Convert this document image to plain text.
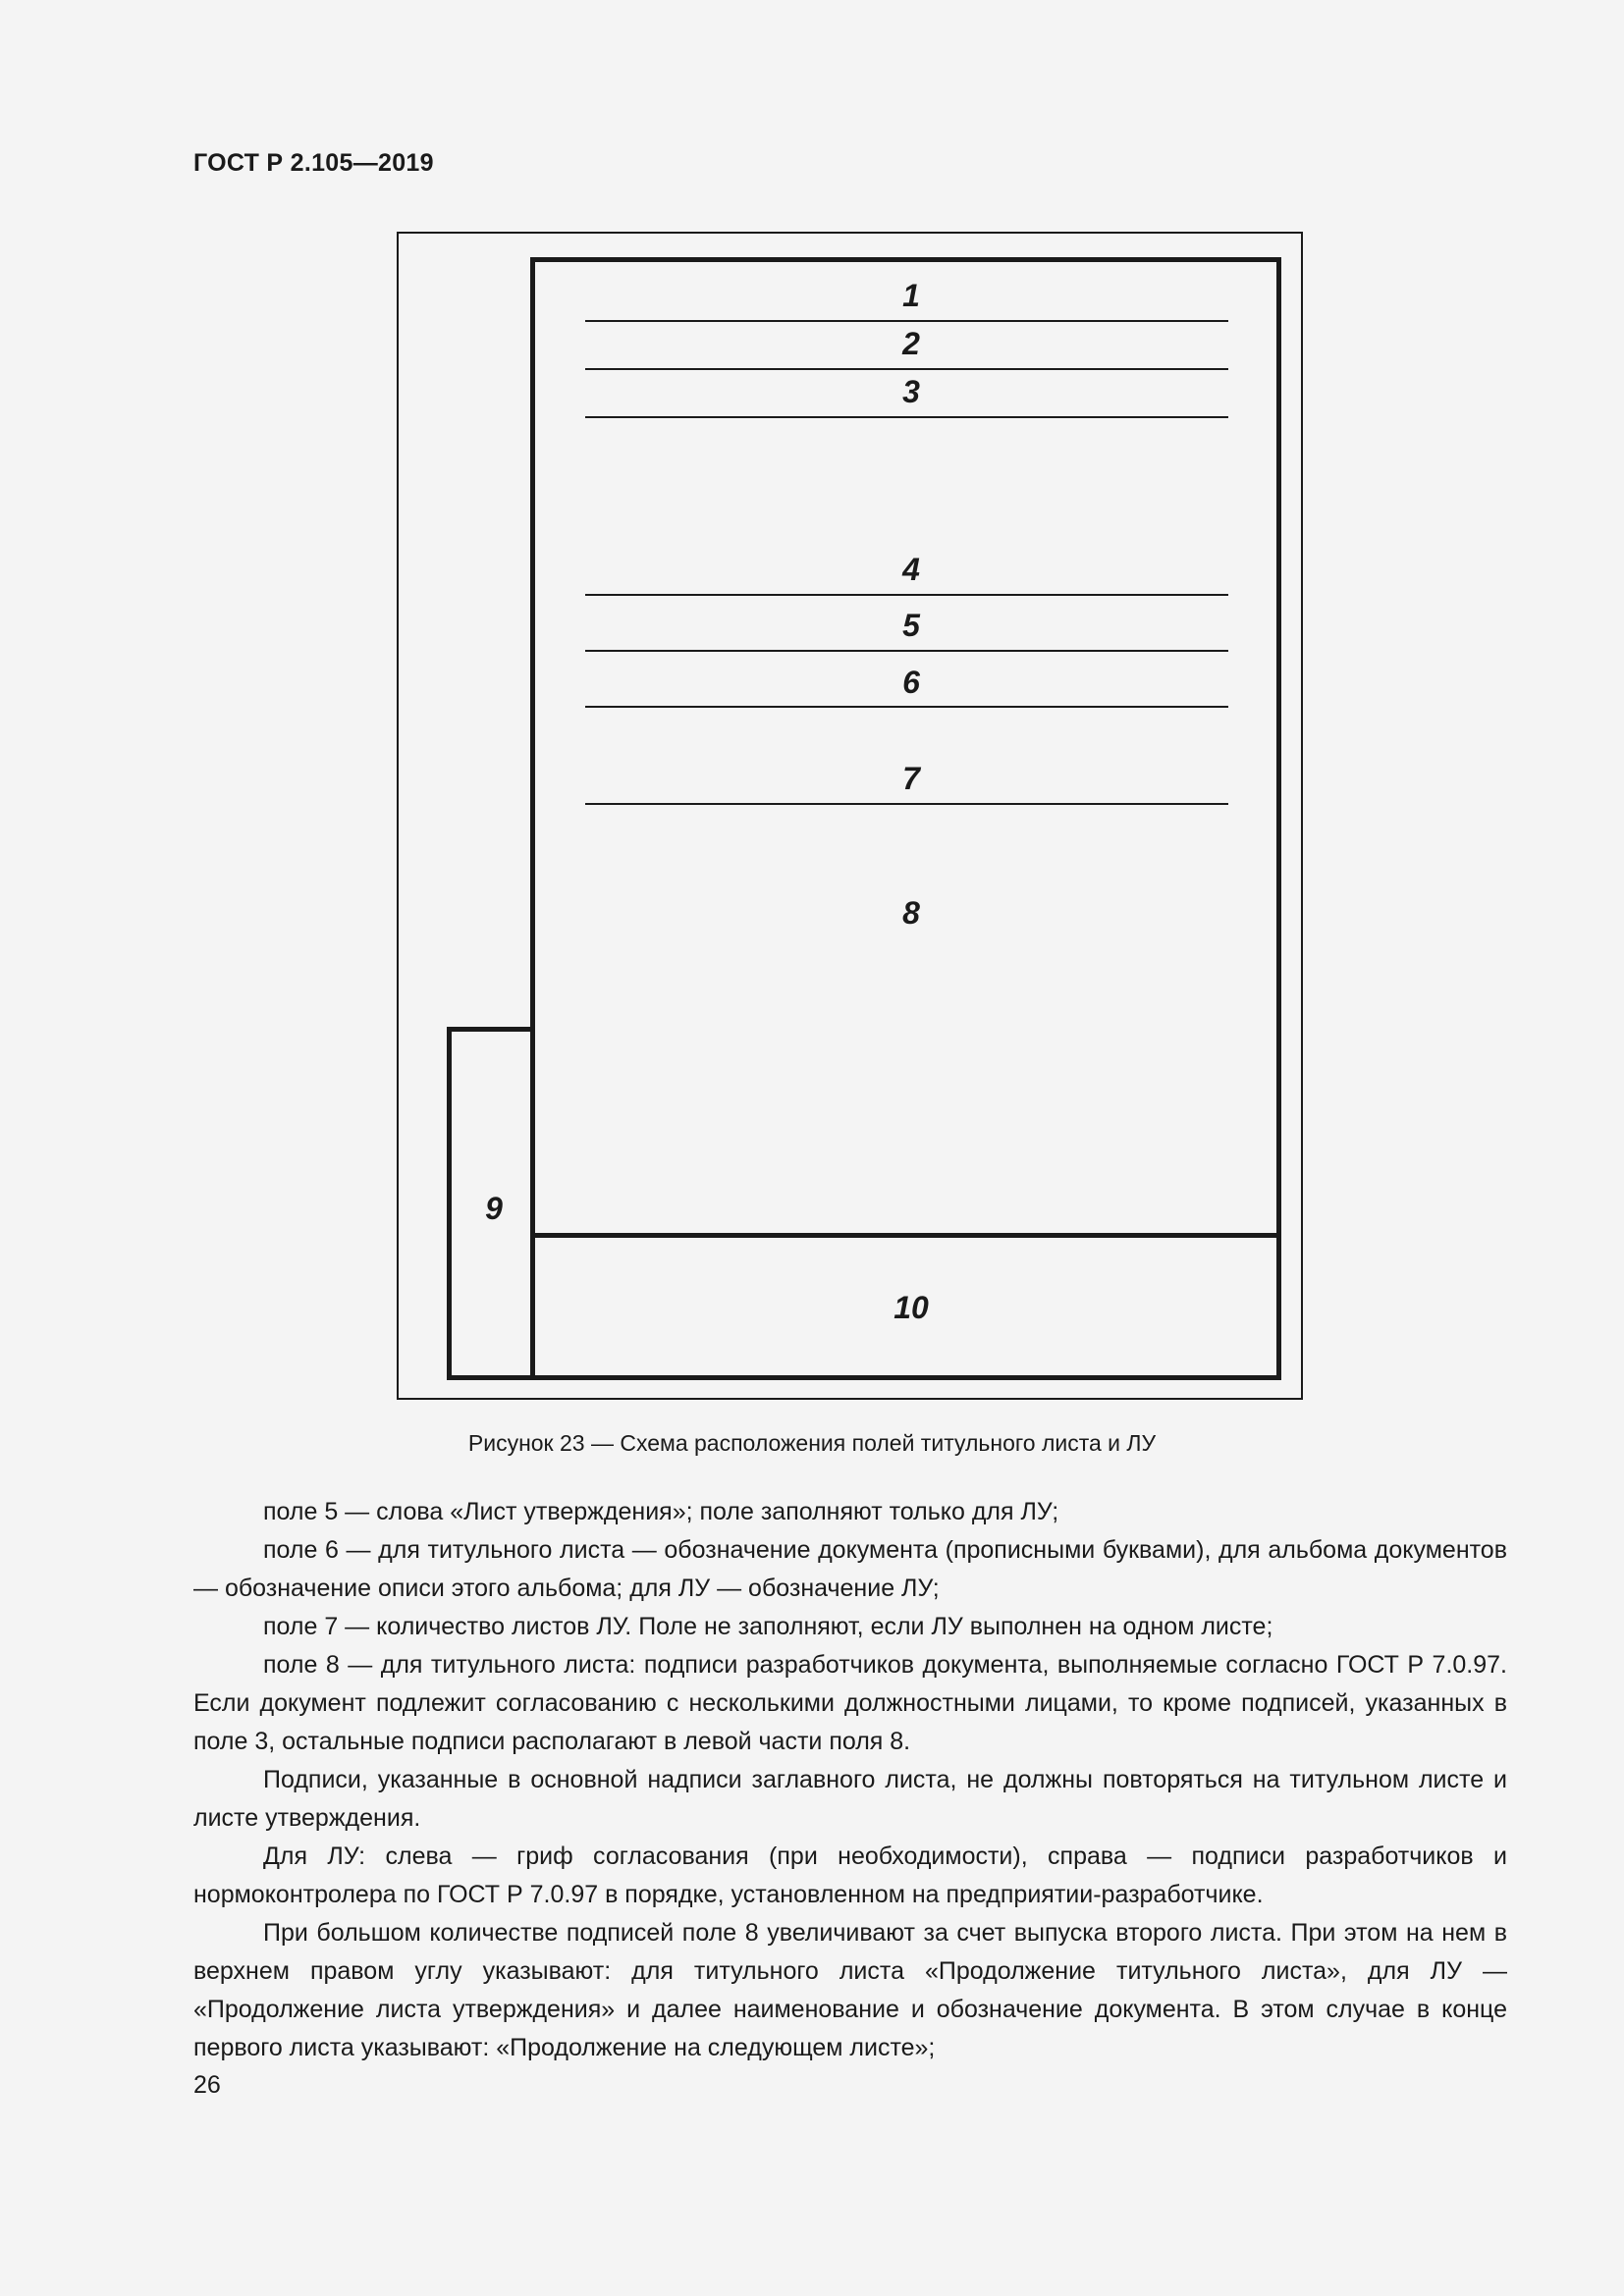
ГОСТ Р 2.105—2019
1
2
3
4
5
6
7
8
10
9
Рисунок 23 — Схема расположения полей титульного листа и ЛУ

поле 5 — слова «Лист утверждения»; поле заполняют только для ЛУ;

поле 6 — для титульного листа — обозначение документа (прописными буквами), для альбома документов — обозначение описи этого альбома; для ЛУ — обозначение ЛУ;

поле 7 — количество листов ЛУ. Поле не заполняют, если ЛУ выполнен на одном листе;

поле 8 — для титульного листа: подписи разработчиков документа, выполняемые согласно ГОСТ Р 7.0.97. Если документ подлежит согласованию с несколькими должностными лицами, то кроме подписей, указанных в поле 3, остальные подписи располагают в левой части поля 8.

Подписи, указанные в основной надписи заглавного листа, не должны повторяться на титульном листе и листе утверждения.

Для ЛУ: слева — гриф согласования (при необходимости), справа — подписи разработчиков и нормоконтролера по ГОСТ Р 7.0.97 в порядке, установленном на предприятии-разработчике.

При большом количестве подписей поле 8 увеличивают за счет выпуска второго листа. При этом на нем в верхнем правом углу указывают: для титульного листа «Продолжение титульного листа», для ЛУ — «Продолжение листа утверждения» и далее наименование и обозначение документа. В этом случае в конце первого листа указывают: «Продолжение на следующем листе»;

26
